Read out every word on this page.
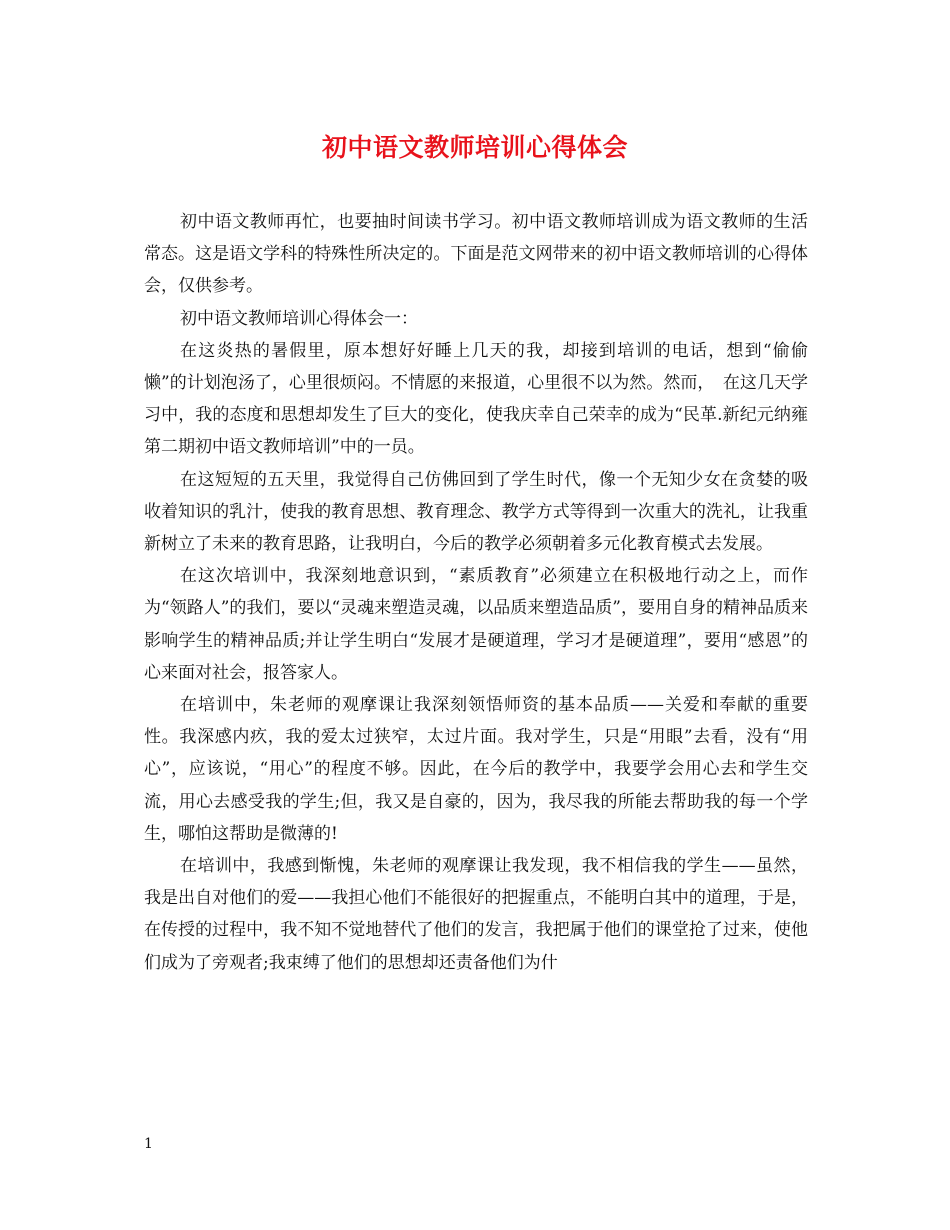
初中语文教师培训心得体会

初中语文教师再忙，也要抽时间读书学习。初中语文教师培训成为语文教师的生活常态。这是语文学科的特殊性所决定的。下面是范文网带来的初中语文教师培训的心得体会，仅供参考。

初中语文教师培训心得体会一：

在这炎热的暑假里，原本想好好睡上几天的我，却接到培训的电话，想到“偷偷懒”的计划泡汤了，心里很烦闷。不情愿的来报道，心里很不以为然。然而，　在这几天学习中，我的态度和思想却发生了巨大的变化，使我庆幸自己荣幸的成为“民革.新纪元纳雍第二期初中语文教师培训”中的一员。

在这短短的五天里，我觉得自己仿佛回到了学生时代，像一个无知少女在贪婪的吸收着知识的乳汁，使我的教育思想、教育理念、教学方式等得到一次重大的洗礼，让我重新树立了未来的教育思路，让我明白，今后的教学必须朝着多元化教育模式去发展。

在这次培训中，我深刻地意识到，“素质教育”必须建立在积极地行动之上，而作为“领路人”的我们，要以“灵魂来塑造灵魂，以品质来塑造品质”，要用自身的精神品质来影响学生的精神品质;并让学生明白“发展才是硬道理，学习才是硬道理”，要用“感恩”的心来面对社会，报答家人。

在培训中，朱老师的观摩课让我深刻领悟师资的基本品质——关爱和奉献的重要性。我深感内疚，我的爱太过狭窄，太过片面。我对学生，只是“用眼”去看，没有“用心”，应该说，“用心”的程度不够。因此，在今后的教学中，我要学会用心去和学生交流，用心去感受我的学生;但，我又是自豪的，因为，我尽我的所能去帮助我的每一个学生，哪怕这帮助是微薄的!

在培训中，我感到惭愧，朱老师的观摩课让我发现，我不相信我的学生——虽然，我是出自对他们的爱——我担心他们不能很好的把握重点，不能明白其中的道理，于是，在传授的过程中，我不知不觉地替代了他们的发言，我把属于他们的课堂抢了过来，使他们成为了旁观者;我束缚了他们的思想却还责备他们为什

1
